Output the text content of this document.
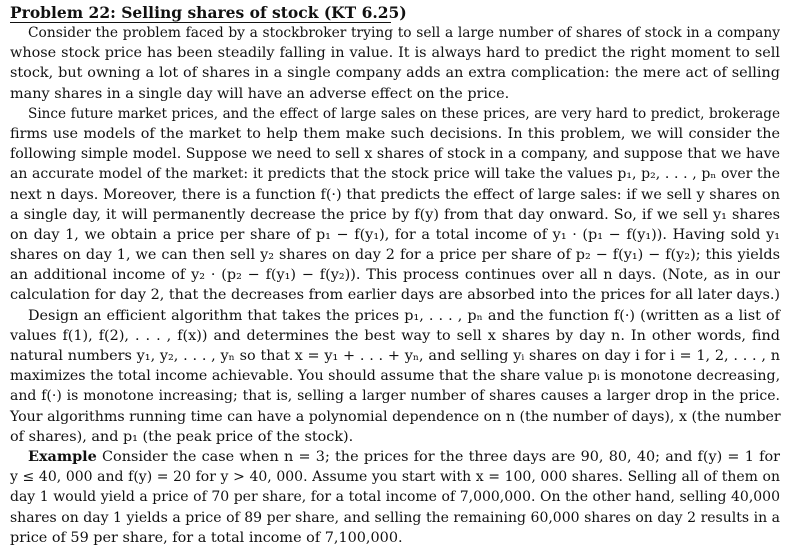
Problem 22: Selling shares of stock (KT 6.25)
Consider the problem faced by a stockbroker trying to sell a large number of shares of stock in a company
whose stock price has been steadily falling in value. It is always hard to predict the right moment to sell
stock, but owning a lot of shares in a single company adds an extra complication: the mere act of selling
many shares in a single day will have an adverse effect on the price.
Since future market prices, and the effect of large sales on these prices, are very hard to predict, brokerage
firms use models of the market to help them make such decisions. In this problem, we will consider the
following simple model. Suppose we need to sell x shares of stock in a company, and suppose that we have
an accurate model of the market: it predicts that the stock price will take the values p₁, p₂, . . . , pₙ over the
next n days. Moreover, there is a function f(·) that predicts the effect of large sales: if we sell y shares on
a single day, it will permanently decrease the price by f(y) from that day onward. So, if we sell y₁ shares
on day 1, we obtain a price per share of p₁ − f(y₁), for a total income of y₁ · (p₁ − f(y₁)). Having sold y₁
shares on day 1, we can then sell y₂ shares on day 2 for a price per share of p₂ − f(y₁) − f(y₂); this yields
an additional income of y₂ · (p₂ − f(y₁) − f(y₂)). This process continues over all n days. (Note, as in our
calculation for day 2, that the decreases from earlier days are absorbed into the prices for all later days.)
Design an efficient algorithm that takes the prices p₁, . . . , pₙ and the function f(·) (written as a list of
values f(1), f(2), . . . , f(x)) and determines the best way to sell x shares by day n. In other words, find
natural numbers y₁, y₂, . . . , yₙ so that x = y₁ + . . . + yₙ, and selling yᵢ shares on day i for i = 1, 2, . . . , n
maximizes the total income achievable. You should assume that the share value pᵢ is monotone decreasing,
and f(·) is monotone increasing; that is, selling a larger number of shares causes a larger drop in the price.
Your algorithms running time can have a polynomial dependence on n (the number of days), x (the number
of shares), and p₁ (the peak price of the stock).
Example Consider the case when n = 3; the prices for the three days are 90, 80, 40; and f(y) = 1 for
y ≤ 40, 000 and f(y) = 20 for y > 40, 000. Assume you start with x = 100, 000 shares. Selling all of them on
day 1 would yield a price of 70 per share, for a total income of 7,000,000. On the other hand, selling 40,000
shares on day 1 yields a price of 89 per share, and selling the remaining 60,000 shares on day 2 results in a
price of 59 per share, for a total income of 7,100,000.
